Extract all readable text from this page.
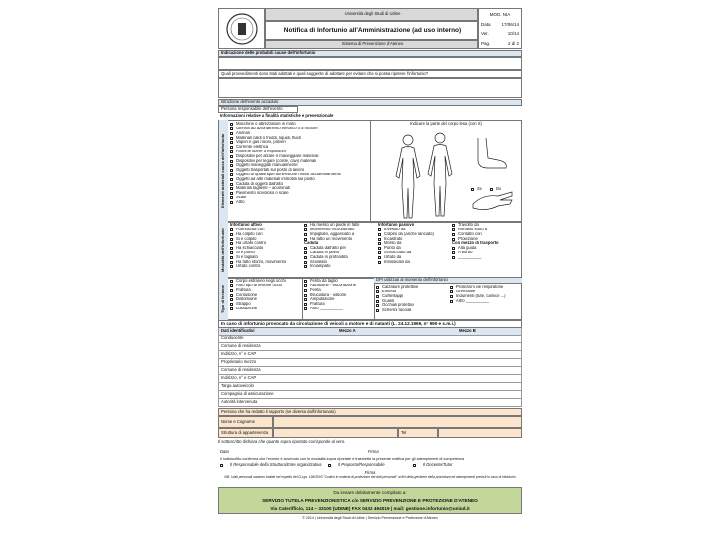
Università degli Studi di Udine
Notifica di Infortunio all'Amministrazione (ad uso interno)
Sistema di Prevenzione d'Ateneo
MOD. NIA
Data 17/06/14
Ver.	10/14
Pag.	2 di 2
Indicazione delle probabili cause dell'infortunio
Quali provvedimenti sono stati adottati e quali suggerite di adottare per evitare che si possa ripetere l'infortunio?
Istruzione dell'evento accaduto
Persona responsabile dell'evento
Informazioni relative a finalità statistiche e prevenzionale
Elementi materiali causa dell'infortunio
Macchine o attrezzature in moto
Utensili ad azionamento elettrico o a motore
Animali
Materiali caldi o freddi, liquidi, fluidi
Vapori e gas nocivi, polveri
Corrente elettrica
Fiamme libere o esplosioni
Dispositivi per alzare o maneggiare materiali
Dispositivi per legare (corde, cavi) materiali
Oggetti maneggiati manualmente
Oggetti trasportati sul posto di lavoro
Oggetti di qualunque dimensione mossi accidentalmente
Oggetti ad altri materiali immobili sul posto
Caduta di oggetti dall'alto
Materiali taglienti – acuminati
Pavimento scivoloso o scale
Scale
Altro
Indicare la parte del corpo lesa (con X)
Sx	Dx
Modalità dell'infortunio
Infortunio attivo
Fuoriuscita con
Ha colpito con
Si è colpito
Ha urtato contro
Ha schiacciato
Si è punto
Si è tagliato
Ha fatto sforzo, movimento
Urtato contro
Ha messo un piede in fallo
Movimento incoordinato
Impigliato, agganciato a
Ha fatto un movimento
Caduta
Caduta dall'alto per
Caduta in piano
Caduta in profondità
Scivolato
Inciampato
Infortunio passivo
Investito da
Colpito da (anche lanciato)
Incastrato
Morso da
Punto da
Schiacciato da
Urtato da
Intossicato da
Travolto da
Rimasto sotto a
Contatto con
Proiezione
Con mezzo di trasporto
Alla guida
A bordo
__________
Tipo di lesione
Corpo estraneo negli occhi
Altro tipo di lesione occhi
Frattura
Contusione
Distorsione
Strappo
Lussazione
Ferita da taglio
Abrasione - escoriazione
Ferita
Bruciatura - ustione
Amputazione
Frattura
Altro __________
DPI utilizzati al momento dell'infortunio
Calzature protettive
Elmetto
Cuffie/tappi
Guanti
Occhiali protettivi
Schermi facciali
Protezioni vie respiratorie
Grembiule
Indumenti (tute, camice ...)
Altro __________
In caso di infortunio provocato da circolazione di veicoli a motore e di natanti (L. 24.12.1969, n° 990 e s.m.i.)
Dati identificativi	Mezzo A	Mezzo B
Conducente
Comune di residenza
Indirizzo, n° e CAP
Proprietario mezzo
Comune di residenza
Indirizzo, n° e CAP
Targa autoveicolo
Compagnia di assicurazione
Autorità intervenuta
Persona che ha redatto il rapporto (se diversa dall'infortunato)
Nome e Cognome
Struttura di appartenenza	Tel
Il sottoscritto dichiara che quanto sopra riportato corrisponde al vero.
Data	Firma
Il sottoscritto conferma che l'evento è avvenuto con le modalità sopra riportate e trasmette la presente notifica per gli adempimenti di competenza
Il Responsabile della Struttura/Ente organizzativa	Il Preposto/Responsabile	Il Docente/Tutor
Firma
NB: I dati personali saranno trattati nel rispetto del D.Lgs. 196/2003 "Codice in materia di protezione dei dati personali" ai fini della gestione della procedura ed adempimenti previsti in caso di infortunio
Da inviare debitamente compilato a:
SERVIZIO TUTELA PREVENZIONISTICA c/o SERVIZIO PREVENZIONE E PROTEZIONE D'ATENEO
Via Caterifficio, 114 – 33100 (UDINE) FAX 0432 494019 | mail: gestione.infortunio@uniud.it
© 2014 | Università degli Studi di Udine | Servizio Prevenzione e Protezione d'Ateneo
